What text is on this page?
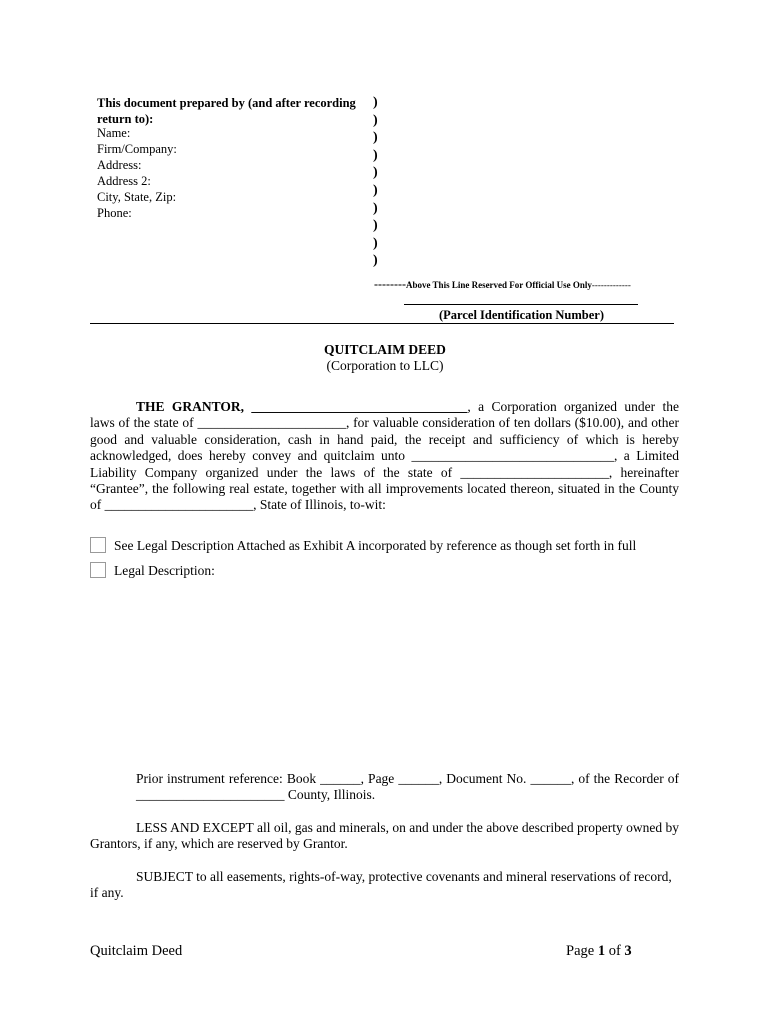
This document prepared by (and after recording return to):
Name:
Firm/Company:
Address:
Address 2:
City, State, Zip:
Phone:
)
)
)
)
)
)
)
)
)
)
--------Above This Line Reserved For Official Use Only-------------
(Parcel Identification Number)
QUITCLAIM DEED
(Corporation to LLC)
THE GRANTOR, ________________________________, a Corporation organized under the laws of the state of ______________________, for valuable consideration of ten dollars ($10.00), and other good and valuable consideration, cash in hand paid, the receipt and sufficiency of which is hereby acknowledged, does hereby convey and quitclaim unto ______________________________, a Limited Liability Company organized under the laws of the state of ______________________, hereinafter “Grantee”, the following real estate, together with all improvements located thereon, situated in the County of ______________________, State of Illinois, to-wit:
See Legal Description Attached as Exhibit A incorporated by reference as though set forth in full
Legal Description:
Prior instrument reference: Book ______, Page ______, Document No. ______, of the Recorder of ______________________ County, Illinois.
LESS AND EXCEPT all oil, gas and minerals, on and under the above described property owned by Grantors, if any, which are reserved by Grantor.
SUBJECT to all easements, rights-of-way, protective covenants and mineral reservations of record, if any.
Quitclaim Deed	Page 1 of 3
